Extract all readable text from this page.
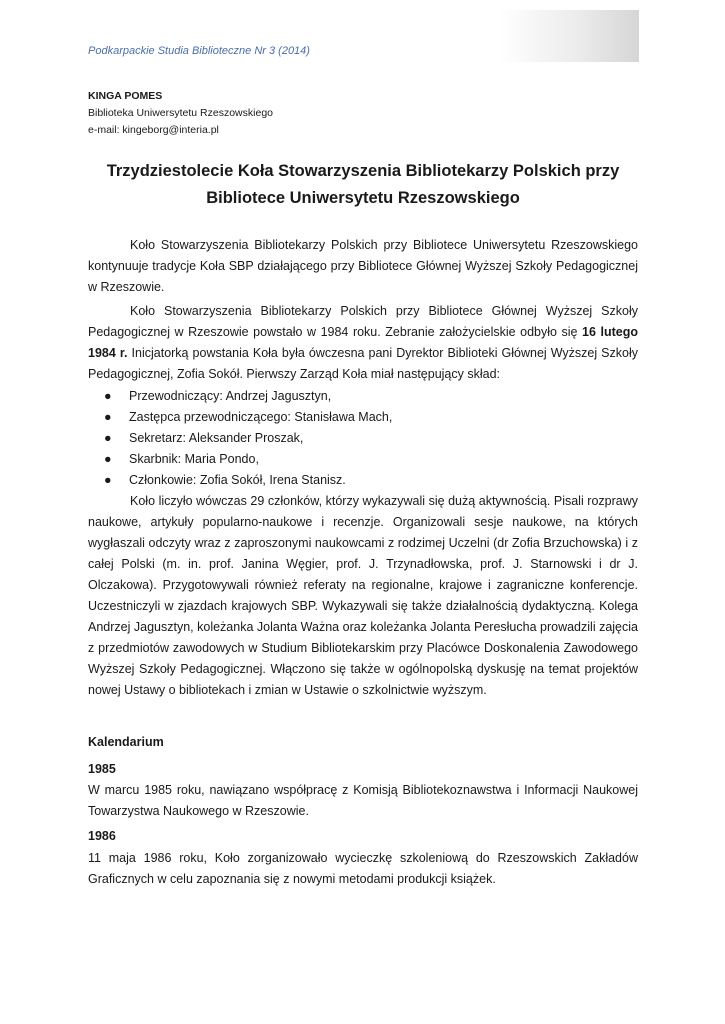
Podkarpackie Studia Biblioteczne Nr 3 (2014)

KINGA POMES
Biblioteka Uniwersytetu Rzeszowskiego
e-mail: kingeborg@interia.pl
Trzydziestolecie Koła Stowarzyszenia Bibliotekarzy Polskich przy
Bibliotece Uniwersytetu Rzeszowskiego

Koło Stowarzyszenia Bibliotekarzy Polskich przy Bibliotece Uniwersytetu Rzeszowskiego kontynuuje tradycje Koła SBP działającego przy Bibliotece Głównej Wyższej Szkoły Pedagogicznej w Rzeszowie.

Koło Stowarzyszenia Bibliotekarzy Polskich przy Bibliotece Głównej Wyższej Szkoły Pedagogicznej w Rzeszowie powstało w 1984 roku. Zebranie założycielskie odbyło się 16 lutego 1984 r. Inicjatorką powstania Koła była ówczesna pani Dyrektor Biblioteki Głównej Wyższej Szkoły Pedagogicznej, Zofia Sokół. Pierwszy Zarząd Koła miał następujący skład:

● Przewodniczący: Andrzej Jagusztyn,
● Zastępca przewodniczącego: Stanisława Mach,
● Sekretarz: Aleksander Proszak,
● Skarbnik: Maria Pondo,
● Członkowie: Zofia Sokół, Irena Stanisz.

Koło liczyło wówczas 29 członków, którzy wykazywali się dużą aktywnością. Pisali rozprawy naukowe, artykuły popularno-naukowe i recenzje. Organizowali sesje naukowe, na których wygłaszali odczyty wraz z zaproszonymi naukowcami z rodzimej Uczelni (dr Zofia Brzuchowska) i z całej Polski (m. in. prof. Janina Węgier, prof. J. Trzynadłowska, prof. J. Starnowski i dr J. Olczakowa). Przygotowywali również referaty na regionalne, krajowe i zagraniczne konferencje. Uczestniczyli w zjazdach krajowych SBP. Wykazywali się także działalnością dydaktyczną. Kolega Andrzej Jagusztyn, koleżanka Jolanta Ważna oraz koleżanka Jolanta Peresłucha prowadzili zajęcia z przedmiotów zawodowych w Studium Bibliotekarskim przy Placówce Doskonalenia Zawodowego Wyższej Szkoły Pedagogicznej. Włączono się także w ogólnopolską dyskusję na temat projektów nowej Ustawy o bibliotekach i zmian w Ustawie o szkolnictwie wyższym.

Kalendarium
1985

W marcu 1985 roku, nawiązano współpracę z Komisją Bibliotekoznawstwa i Informacji Naukowej Towarzystwa Naukowego w Rzeszowie.

1986

11 maja 1986 roku, Koło zorganizowało wycieczkę szkoleniową do Rzeszowskich Zakładów Graficznych w celu zapoznania się z nowymi metodami produkcji książek.
